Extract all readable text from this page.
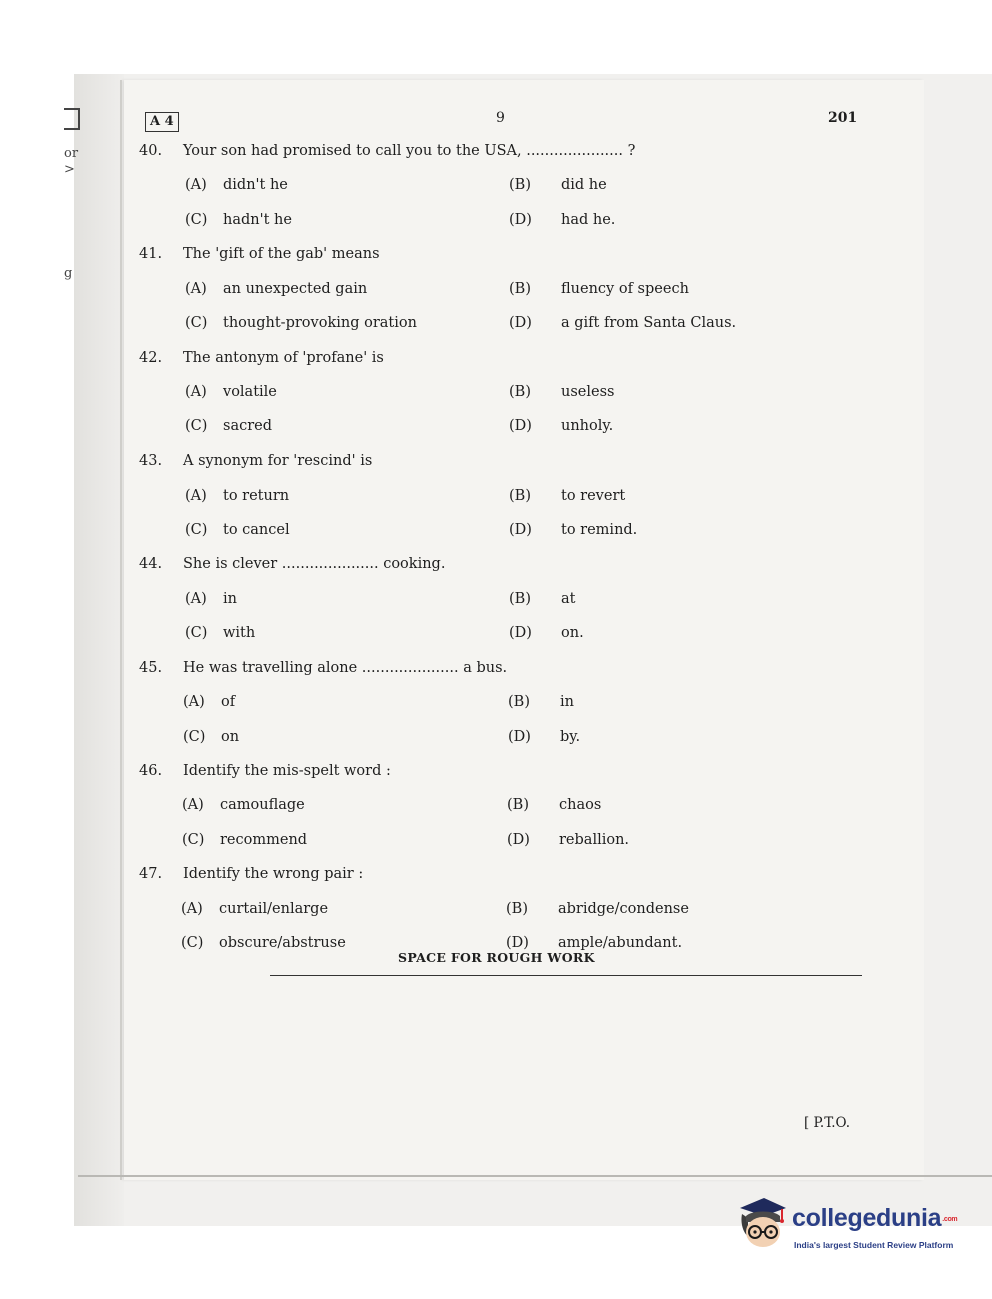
or
>
g
A 4	9	201
40. Your son had promised to call you to the USA, ..................... ?
(A) didn't he	(B) did he
(C) hadn't he	(D) had he.
41. The 'gift of the gab' means
(A) an unexpected gain	(B) fluency of speech
(C) thought-provoking oration	(D) a gift from Santa Claus.
42. The antonym of 'profane' is
(A) volatile	(B) useless
(C) sacred	(D) unholy.
43. A synonym for 'rescind' is
(A) to return	(B) to revert
(C) to cancel	(D) to remind.
44. She is clever ..................... cooking.
(A) in	(B) at
(C) with	(D) on.
45. He was travelling alone ..................... a bus.
(A) of	(B) in
(C) on	(D) by.
46. Identify the mis-spelt word :
(A) camouflage	(B) chaos
(C) recommend	(D) reballion.
47. Identify the wrong pair :
(A) curtail/enlarge	(B) abridge/condense
(C) obscure/abstruse	(D) ample/abundant.
SPACE FOR ROUGH WORK
[ P.T.O.
collegedunia.com
India's largest Student Review Platform
